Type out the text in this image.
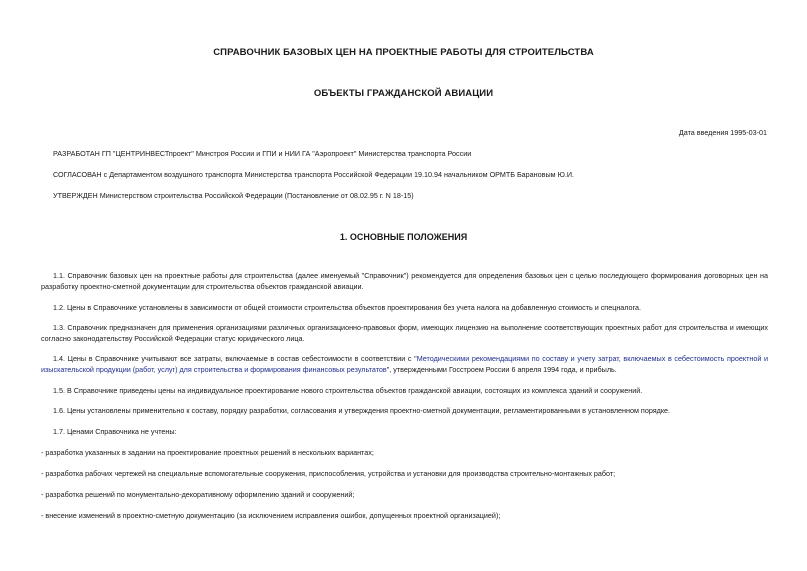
СПРАВОЧНИК БАЗОВЫХ ЦЕН НА ПРОЕКТНЫЕ РАБОТЫ ДЛЯ СТРОИТЕЛЬСТВА
ОБЪЕКТЫ ГРАЖДАНСКОЙ АВИАЦИИ
Дата введения 1995-03-01
РАЗРАБОТАН ГП "ЦЕНТРИНВЕСТпроект" Минстроя России и ГПИ и НИИ ГА "Аэропроект" Министерства транспорта России
СОГЛАСОВАН с Департаментом воздушного транспорта Министерства транспорта Российской Федерации 19.10.94 начальником ОРМТБ Барановым Ю.И.
УТВЕРЖДЕН Министерством строительства Российской Федерации (Постановление от 08.02.95 г. N 18-15)
1. ОСНОВНЫЕ ПОЛОЖЕНИЯ
1.1. Справочник базовых цен на проектные работы для строительства (далее именуемый "Справочник") рекомендуется для определения базовых цен с целью последующего формирования договорных цен на разработку проектно-сметной документации для строительства объектов гражданской авиации.
1.2. Цены в Справочнике установлены в зависимости от общей стоимости строительства объектов проектирования без учета налога на добавленную стоимость и спецналога.
1.3. Справочник предназначен для применения организациями различных организационно-правовых форм, имеющих лицензию на выполнение соответствующих проектных работ для строительства и имеющих согласно законодательству Российской Федерации статус юридического лица.
1.4. Цены в Справочнике учитывают все затраты, включаемые в состав себестоимости в соответствии с "Методическими рекомендациями по составу и учету затрат, включаемых в себестоимость проектной и изыскательской продукции (работ, услуг) для строительства и формирования финансовых результатов", утвержденными Госстроем России 6 апреля 1994 года, и прибыль.
1.5. В Справочнике приведены цены на индивидуальное проектирование нового строительства объектов гражданской авиации, состоящих из комплекса зданий и сооружений.
1.6. Цены установлены применительно к составу, порядку разработки, согласования и утверждения проектно-сметной документации, регламентированными в установленном порядке.
1.7. Ценами Справочника не учтены:
- разработка указанных в задании на проектирование проектных решений в нескольких вариантах;
- разработка рабочих чертежей на специальные вспомогательные сооружения, приспособления, устройства и установки для производства строительно-монтажных работ;
- разработка решений по монументально-декоративному оформлению зданий и сооружений;
- внесение изменений в проектно-сметную документацию (за исключением исправления ошибок, допущенных проектной организацией);
